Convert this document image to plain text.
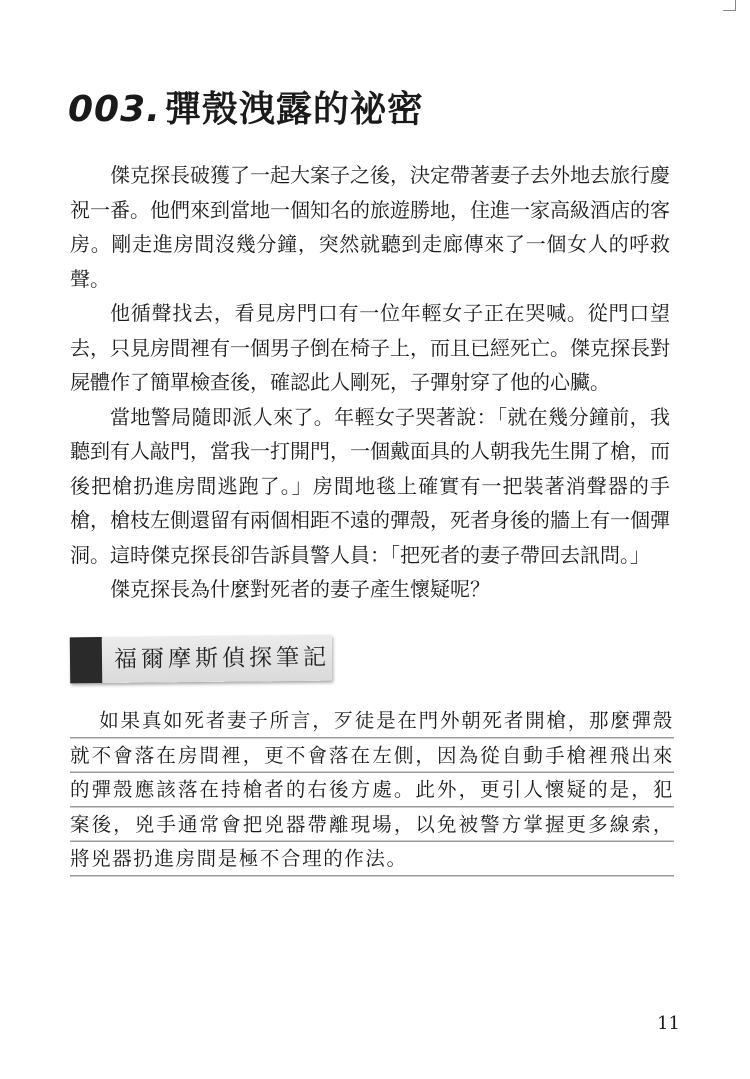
003. 彈殼洩露的祕密

傑克探長破獲了一起大案子之後，決定帶著妻子去外地去旅行慶祝一番。他們來到當地一個知名的旅遊勝地，住進一家高級酒店的客房。剛走進房間沒幾分鐘，突然就聽到走廊傳來了一個女人的呼救聲。

他循聲找去，看見房門口有一位年輕女子正在哭喊。從門口望去，只見房間裡有一個男子倒在椅子上，而且已經死亡。傑克探長對屍體作了簡單檢查後，確認此人剛死，子彈射穿了他的心臟。

當地警局隨即派人來了。年輕女子哭著說：「就在幾分鐘前，我聽到有人敲門，當我一打開門，一個戴面具的人朝我先生開了槍，而後把槍扔進房間逃跑了。」房間地毯上確實有一把裝著消聲器的手槍，槍枝左側還留有兩個相距不遠的彈殼，死者身後的牆上有一個彈洞。這時傑克探長卻告訴員警人員：「把死者的妻子帶回去訊問。」

傑克探長為什麼對死者的妻子產生懷疑呢？

福爾摩斯偵探筆記

如果真如死者妻子所言，歹徒是在門外朝死者開槍，那麼彈殼就不會落在房間裡，更不會落在左側，因為從自動手槍裡飛出來的彈殼應該落在持槍者的右後方處。此外，更引人懷疑的是，犯案後，兇手通常會把兇器帶離現場，以免被警方掌握更多線索，將兇器扔進房間是極不合理的作法。

11
